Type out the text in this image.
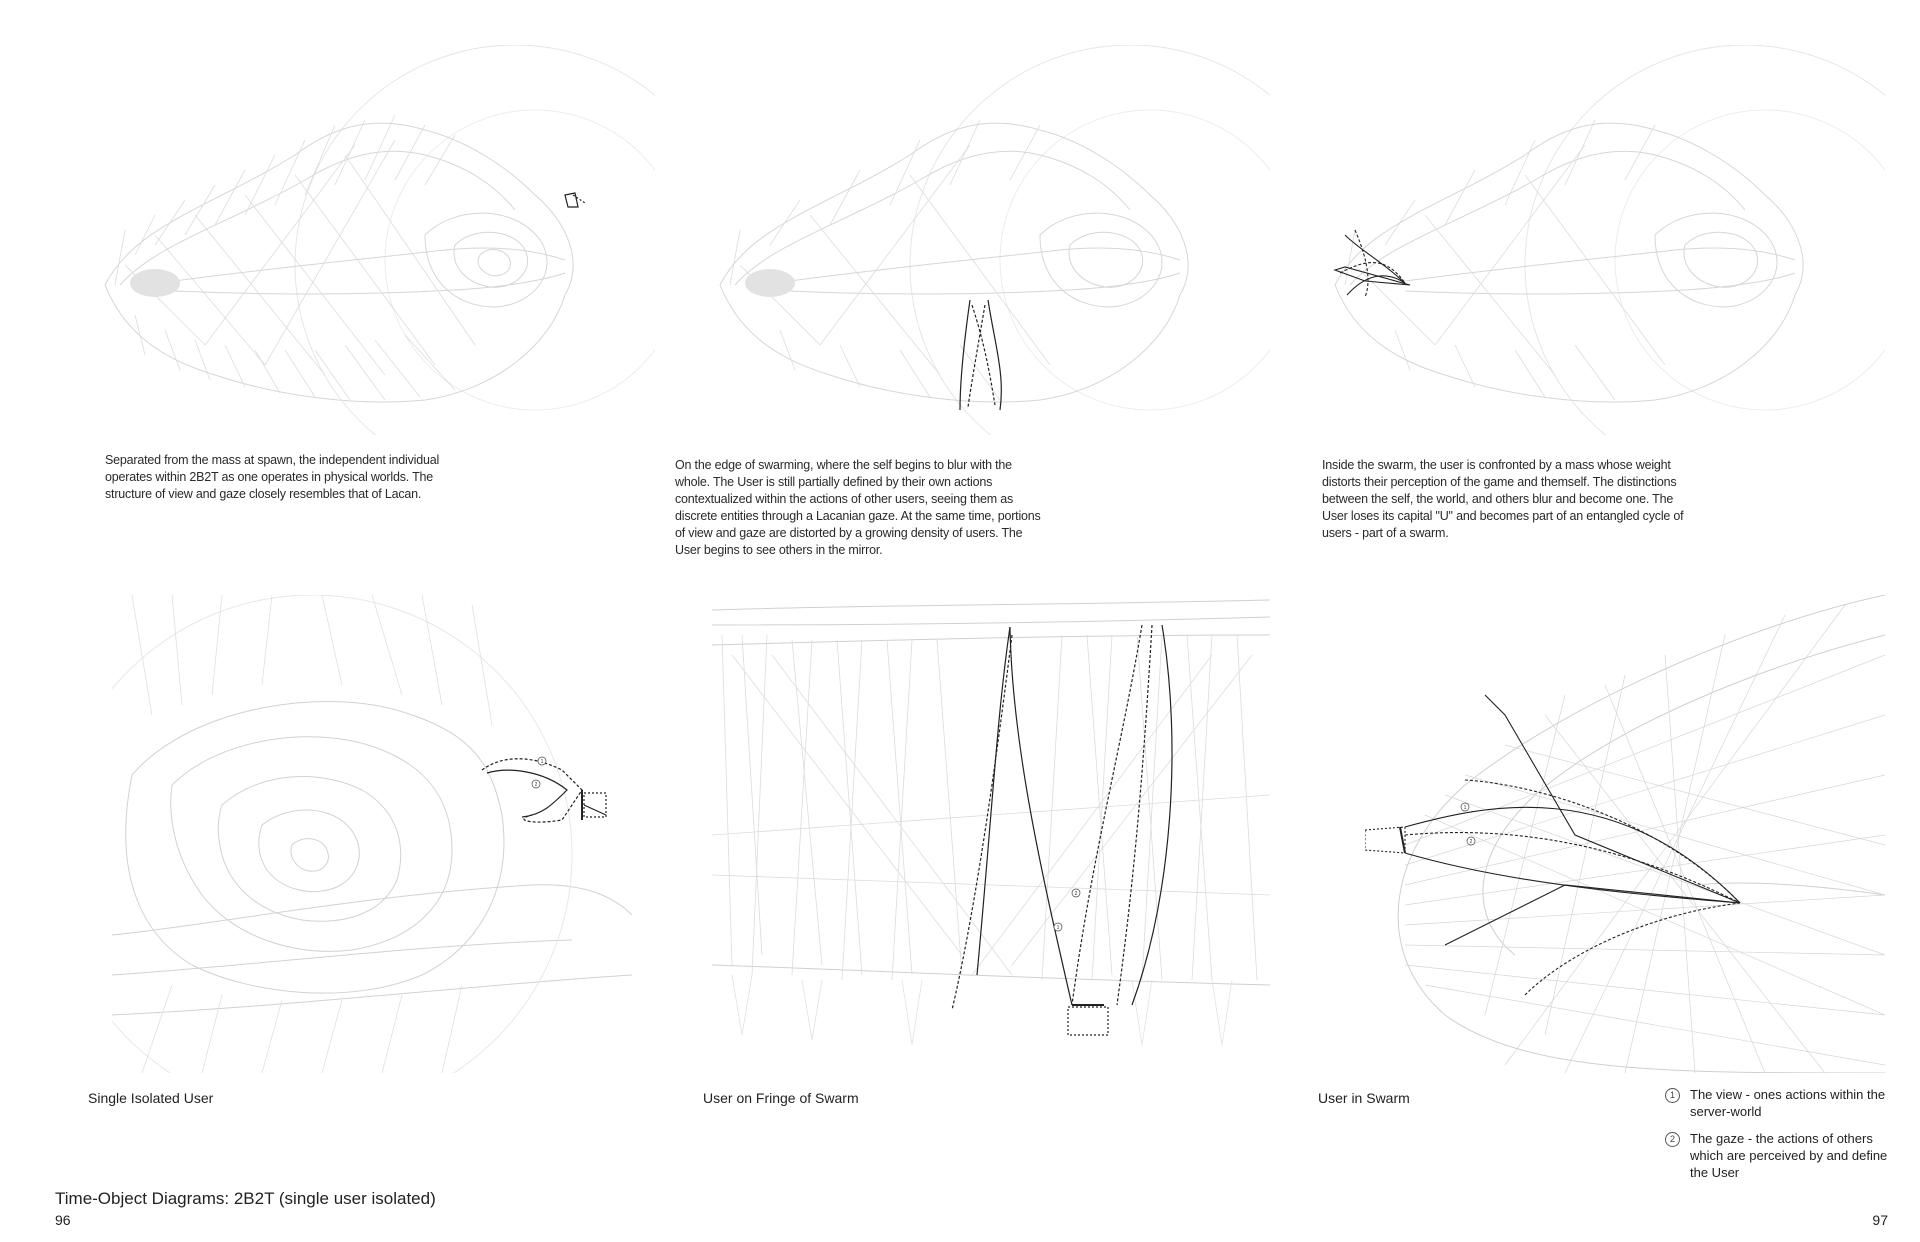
Separated from the mass at spawn, the independent individual operates within 2B2T as one operates in physical worlds. The structure of view and gaze closely resembles that of Lacan.
On the edge of swarming, where the self begins to blur with the whole. The User is still partially defined by their own actions contextualized within the actions of other users, seeing them as discrete entities through a Lacanian gaze. At the same time, portions of view and gaze are distorted by a growing density of users. The User begins to see others in the mirror.
Inside the swarm, the user is confronted by a mass whose weight distorts their perception of the game and themself. The distinctions between the self, the world, and others blur and become one. The User loses its capital "U" and becomes part of an entangled cycle of users - part of a swarm.
1
2
2
1
1
2
Single Isolated User	User on Fringe of Swarm	User in Swarm	1	The view - ones actions within the server-world
2	The gaze - the actions of others which are perceived by and define the User
Time-Object Diagrams: 2B2T (single user isolated)
96	97
